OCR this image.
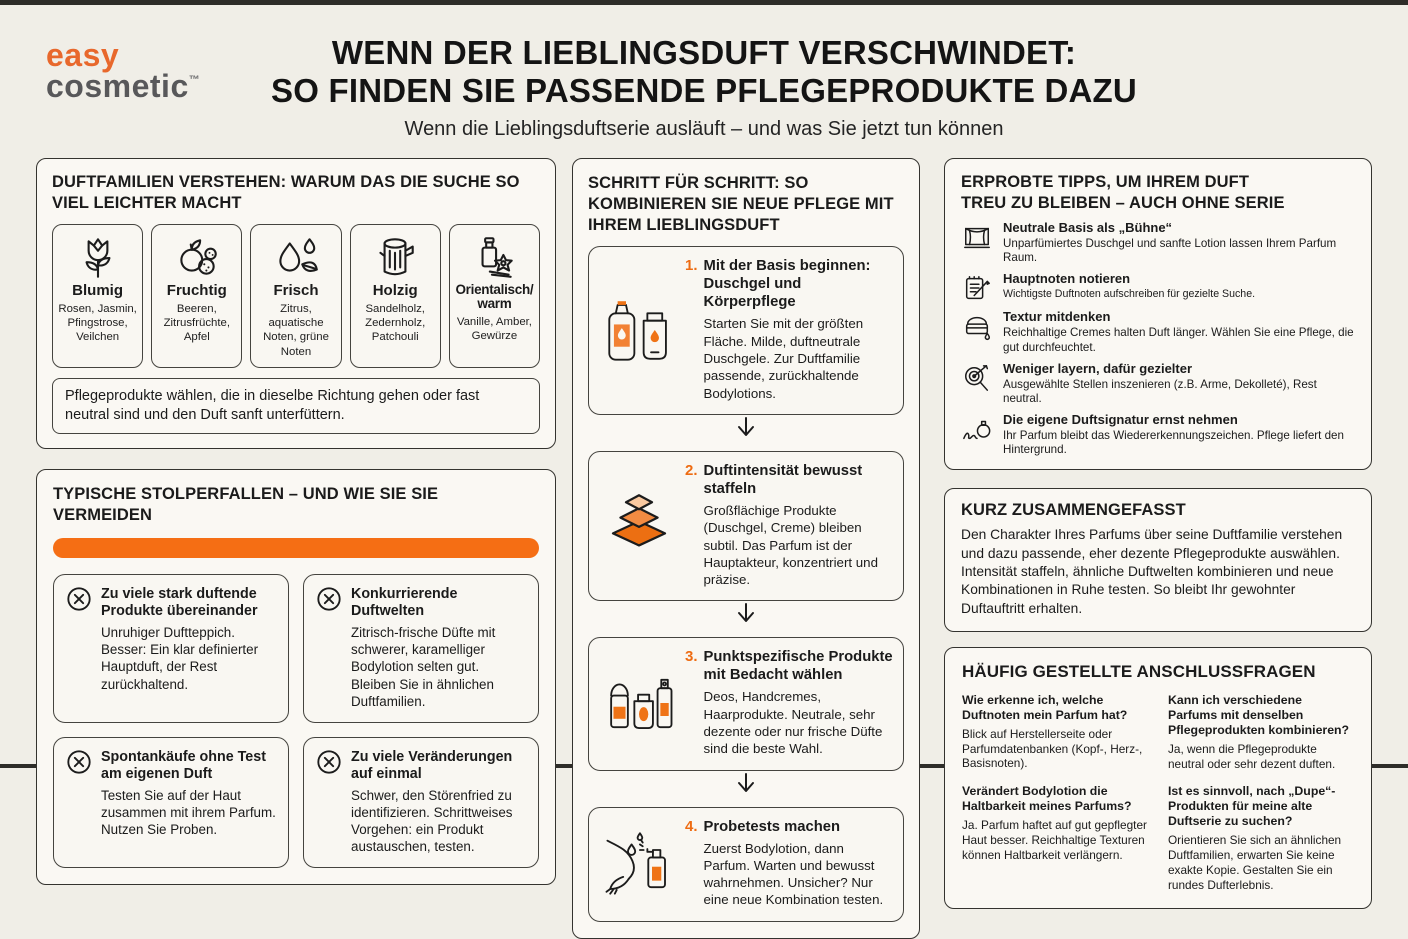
easy
cosmetic™
WENN DER LIEBLINGSDUFT VERSCHWINDET:
SO FINDEN SIE PASSENDE PFLEGEPRODUKTE DAZU
Wenn die Lieblingsduftserie ausläuft – und was Sie jetzt tun können
DUFTFAMILIEN VERSTEHEN: WARUM DAS DIE SUCHE SO VIEL LEICHTER MACHT
Blumig
Rosen, Jasmin, Pfingstrose, Veilchen
Fruchtig
Beeren, Zitrusfrüchte, Apfel
Frisch
Zitrus, aquatische Noten, grüne Noten
Holzig
Sandelholz, Zedernholz, Patchouli
Orientalisch/​warm
Vanille, Amber, Gewürze
Pflegeprodukte wählen, die in dieselbe Richtung gehen oder fast neutral sind und den Duft sanft unterfüttern.
TYPISCHE STOLPERFALLEN – UND WIE SIE SIE VERMEIDEN
Zu viele stark duftende Produkte übereinander
Unruhiger Duftteppich. Besser: Ein klar definierter Hauptduft, der Rest zurückhaltend.
Konkurrierende Duftwelten
Zitrisch-frische Düfte mit schwerer, karamelliger Bodylotion selten gut. Bleiben Sie in ähnlichen Duftfamilien.
Spontankäufe ohne Test am eigenen Duft
Testen Sie auf der Haut zusammen mit ihrem Parfum. Nutzen Sie Proben.
Zu viele Veränderungen auf einmal
Schwer, den Störenfried zu identifizieren. Schrittweises Vorgehen: ein Produkt austauschen, testen.
SCHRITT FÜR SCHRITT: SO KOMBINIEREN SIE NEUE PFLEGE MIT IHREM LIEBLINGSDUFT
1. Mit der Basis beginnen: Duschgel und Körperpflege
Starten Sie mit der größten Fläche. Milde, duftneutrale Duschgele. Zur Duftfamilie passende, zurückhaltende Bodylotions.
2. Duftintensität bewusst staffeln
Großflächige Produkte (Duschgel, Creme) bleiben subtil. Das Parfum ist der Hauptakteur, konzentriert und präzise.
3. Punktspezifische Produkte mit Bedacht wählen
Deos, Handcremes, Haarprodukte. Neutrale, sehr dezente oder nur frische Düfte sind die beste Wahl.
4. Probetests machen
Zuerst Bodylotion, dann Parfum. Warten und bewusst wahrnehmen. Unsicher? Nur eine neue Kombination testen.
ERPROBTE TIPPS, UM IHREM DUFT TREU ZU BLEIBEN – AUCH OHNE SERIE
Neutrale Basis als „Bühne“
Unparfümiertes Duschgel und sanfte Lotion lassen Ihrem Parfum Raum.
Hauptnoten notieren
Wichtigste Duftnoten aufschreiben für gezielte Suche.
Textur mitdenken
Reichhaltige Cremes halten Duft länger. Wählen Sie eine Pflege, die gut durchfeuchtet.
Weniger layern, dafür gezielter
Ausgewählte Stellen inszenieren (z.B. Arme, Dekolleté), Rest neutral.
Die eigene Duftsignatur ernst nehmen
Ihr Parfum bleibt das Wiedererkennungszeichen. Pflege liefert den Hintergrund.
KURZ ZUSAMMENGEFASST
Den Charakter Ihres Parfums über seine Duftfamilie verstehen und dazu passende, eher dezente Pflegeprodukte auswählen. Intensität staffeln, ähnliche Duftwelten kombinieren und neue Kombinationen in Ruhe testen. So bleibt Ihr gewohnter Duftauftritt erhalten.
HÄUFIG GESTELLTE ANSCHLUSSFRAGEN
Wie erkenne ich, welche Duftnoten mein Parfum hat?
Blick auf Herstellerseite oder Parfumdatenbanken (Kopf-, Herz-, Basisnoten).
Kann ich verschiedene Parfums mit denselben Pflegeprodukten kombinieren?
Ja, wenn die Pflegeprodukte neutral oder sehr dezent duften.
Verändert Bodylotion die Haltbarkeit meines Parfums?
Ja. Parfum haftet auf gut gepflegter Haut besser. Reichhaltige Texturen können Haltbarkeit verlängern.
Ist es sinnvoll, nach „Dupe“-Produkten für meine alte Duftserie zu suchen?
Orientieren Sie sich an ähnlichen Duftfamilien, erwarten Sie keine exakte Kopie. Gestalten Sie ein rundes Dufterlebnis.
